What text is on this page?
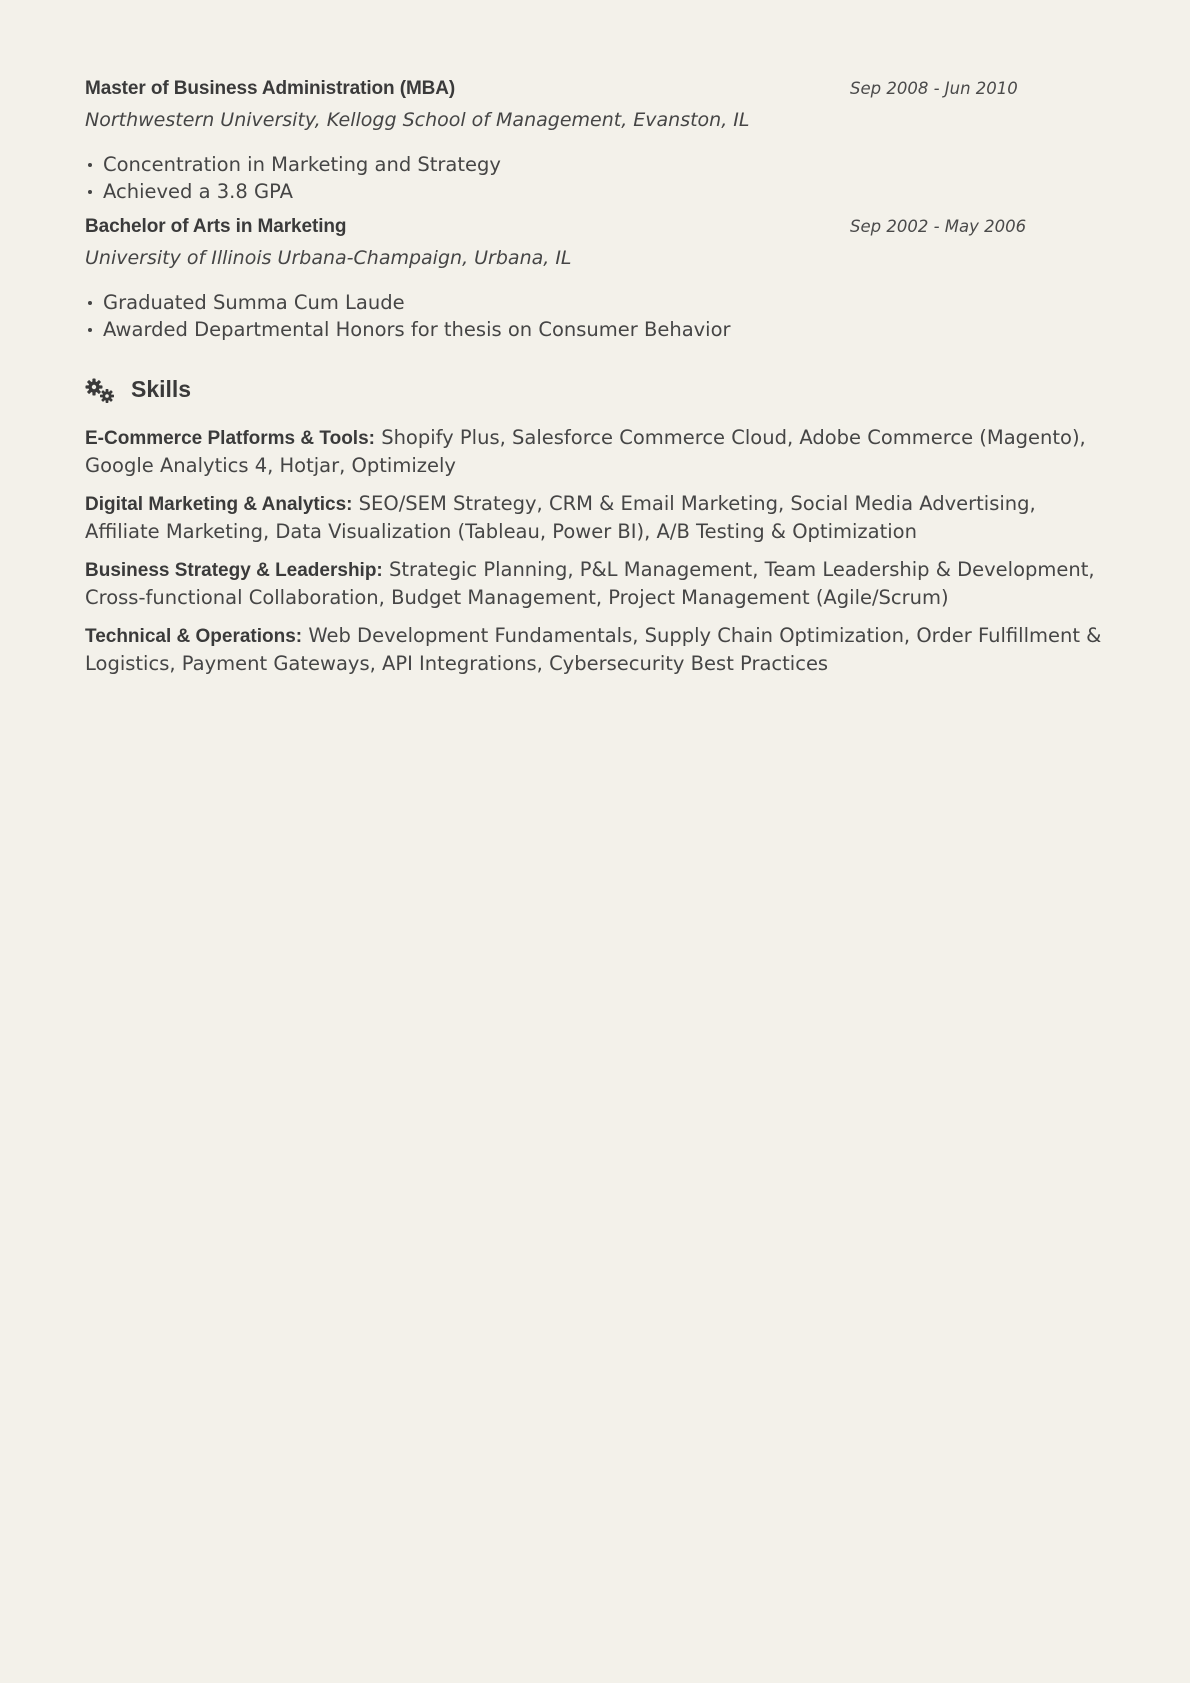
Master of Business Administration (MBA)	Sep 2008 - Jun 2010
Northwestern University, Kellogg School of Management, Evanston, IL
Concentration in Marketing and Strategy
Achieved a 3.8 GPA
Bachelor of Arts in Marketing	Sep 2002 - May 2006
University of Illinois Urbana-Champaign, Urbana, IL
Graduated Summa Cum Laude
Awarded Departmental Honors for thesis on Consumer Behavior
Skills
E-Commerce Platforms & Tools: Shopify Plus, Salesforce Commerce Cloud, Adobe Commerce (Magento), Google Analytics 4, Hotjar, Optimizely
Digital Marketing & Analytics: SEO/SEM Strategy, CRM & Email Marketing, Social Media Advertising, Affiliate Marketing, Data Visualization (Tableau, Power BI), A/B Testing & Optimization
Business Strategy & Leadership: Strategic Planning, P&L Management, Team Leadership & Development, Cross-functional Collaboration, Budget Management, Project Management (Agile/Scrum)
Technical & Operations: Web Development Fundamentals, Supply Chain Optimization, Order Fulfillment & Logistics, Payment Gateways, API Integrations, Cybersecurity Best Practices
